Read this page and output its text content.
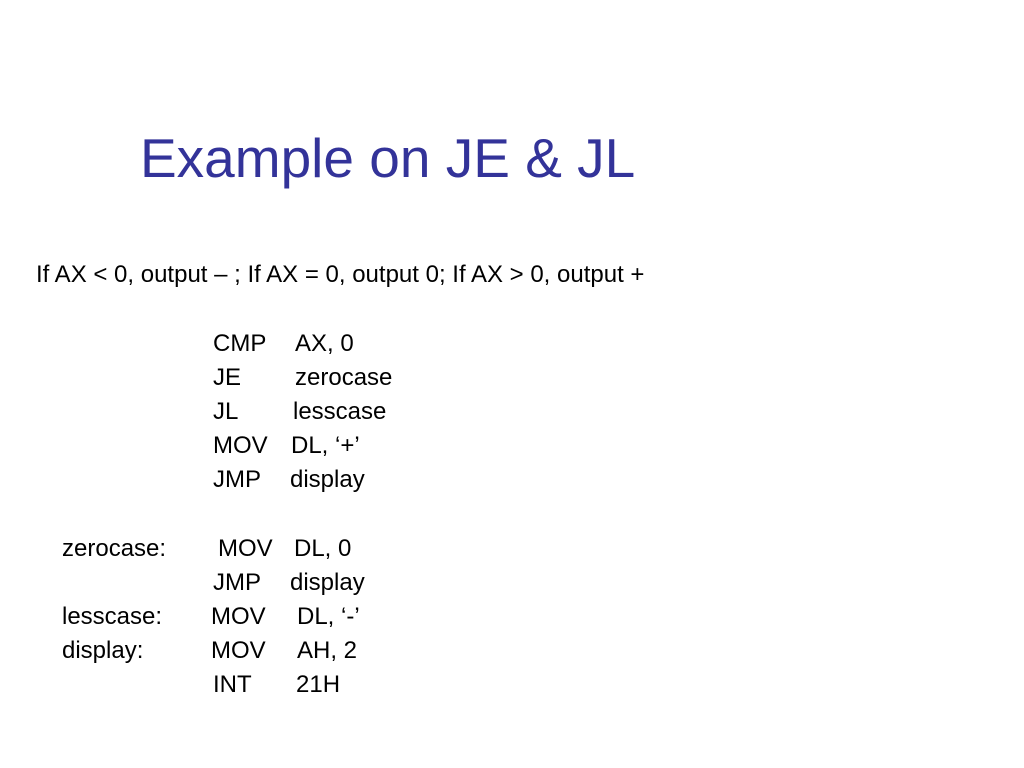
Example on JE & JL
If AX < 0, output – ; If AX = 0, output 0; If AX > 0, output +
CMP AX, 0
JE zerocase
JL lesscase
MOV DL, ‘+’
JMP display
zerocase: MOV DL, 0
JMP display
lesscase: MOV DL, ‘-’
display:	MOV AH, 2
INT 21H
